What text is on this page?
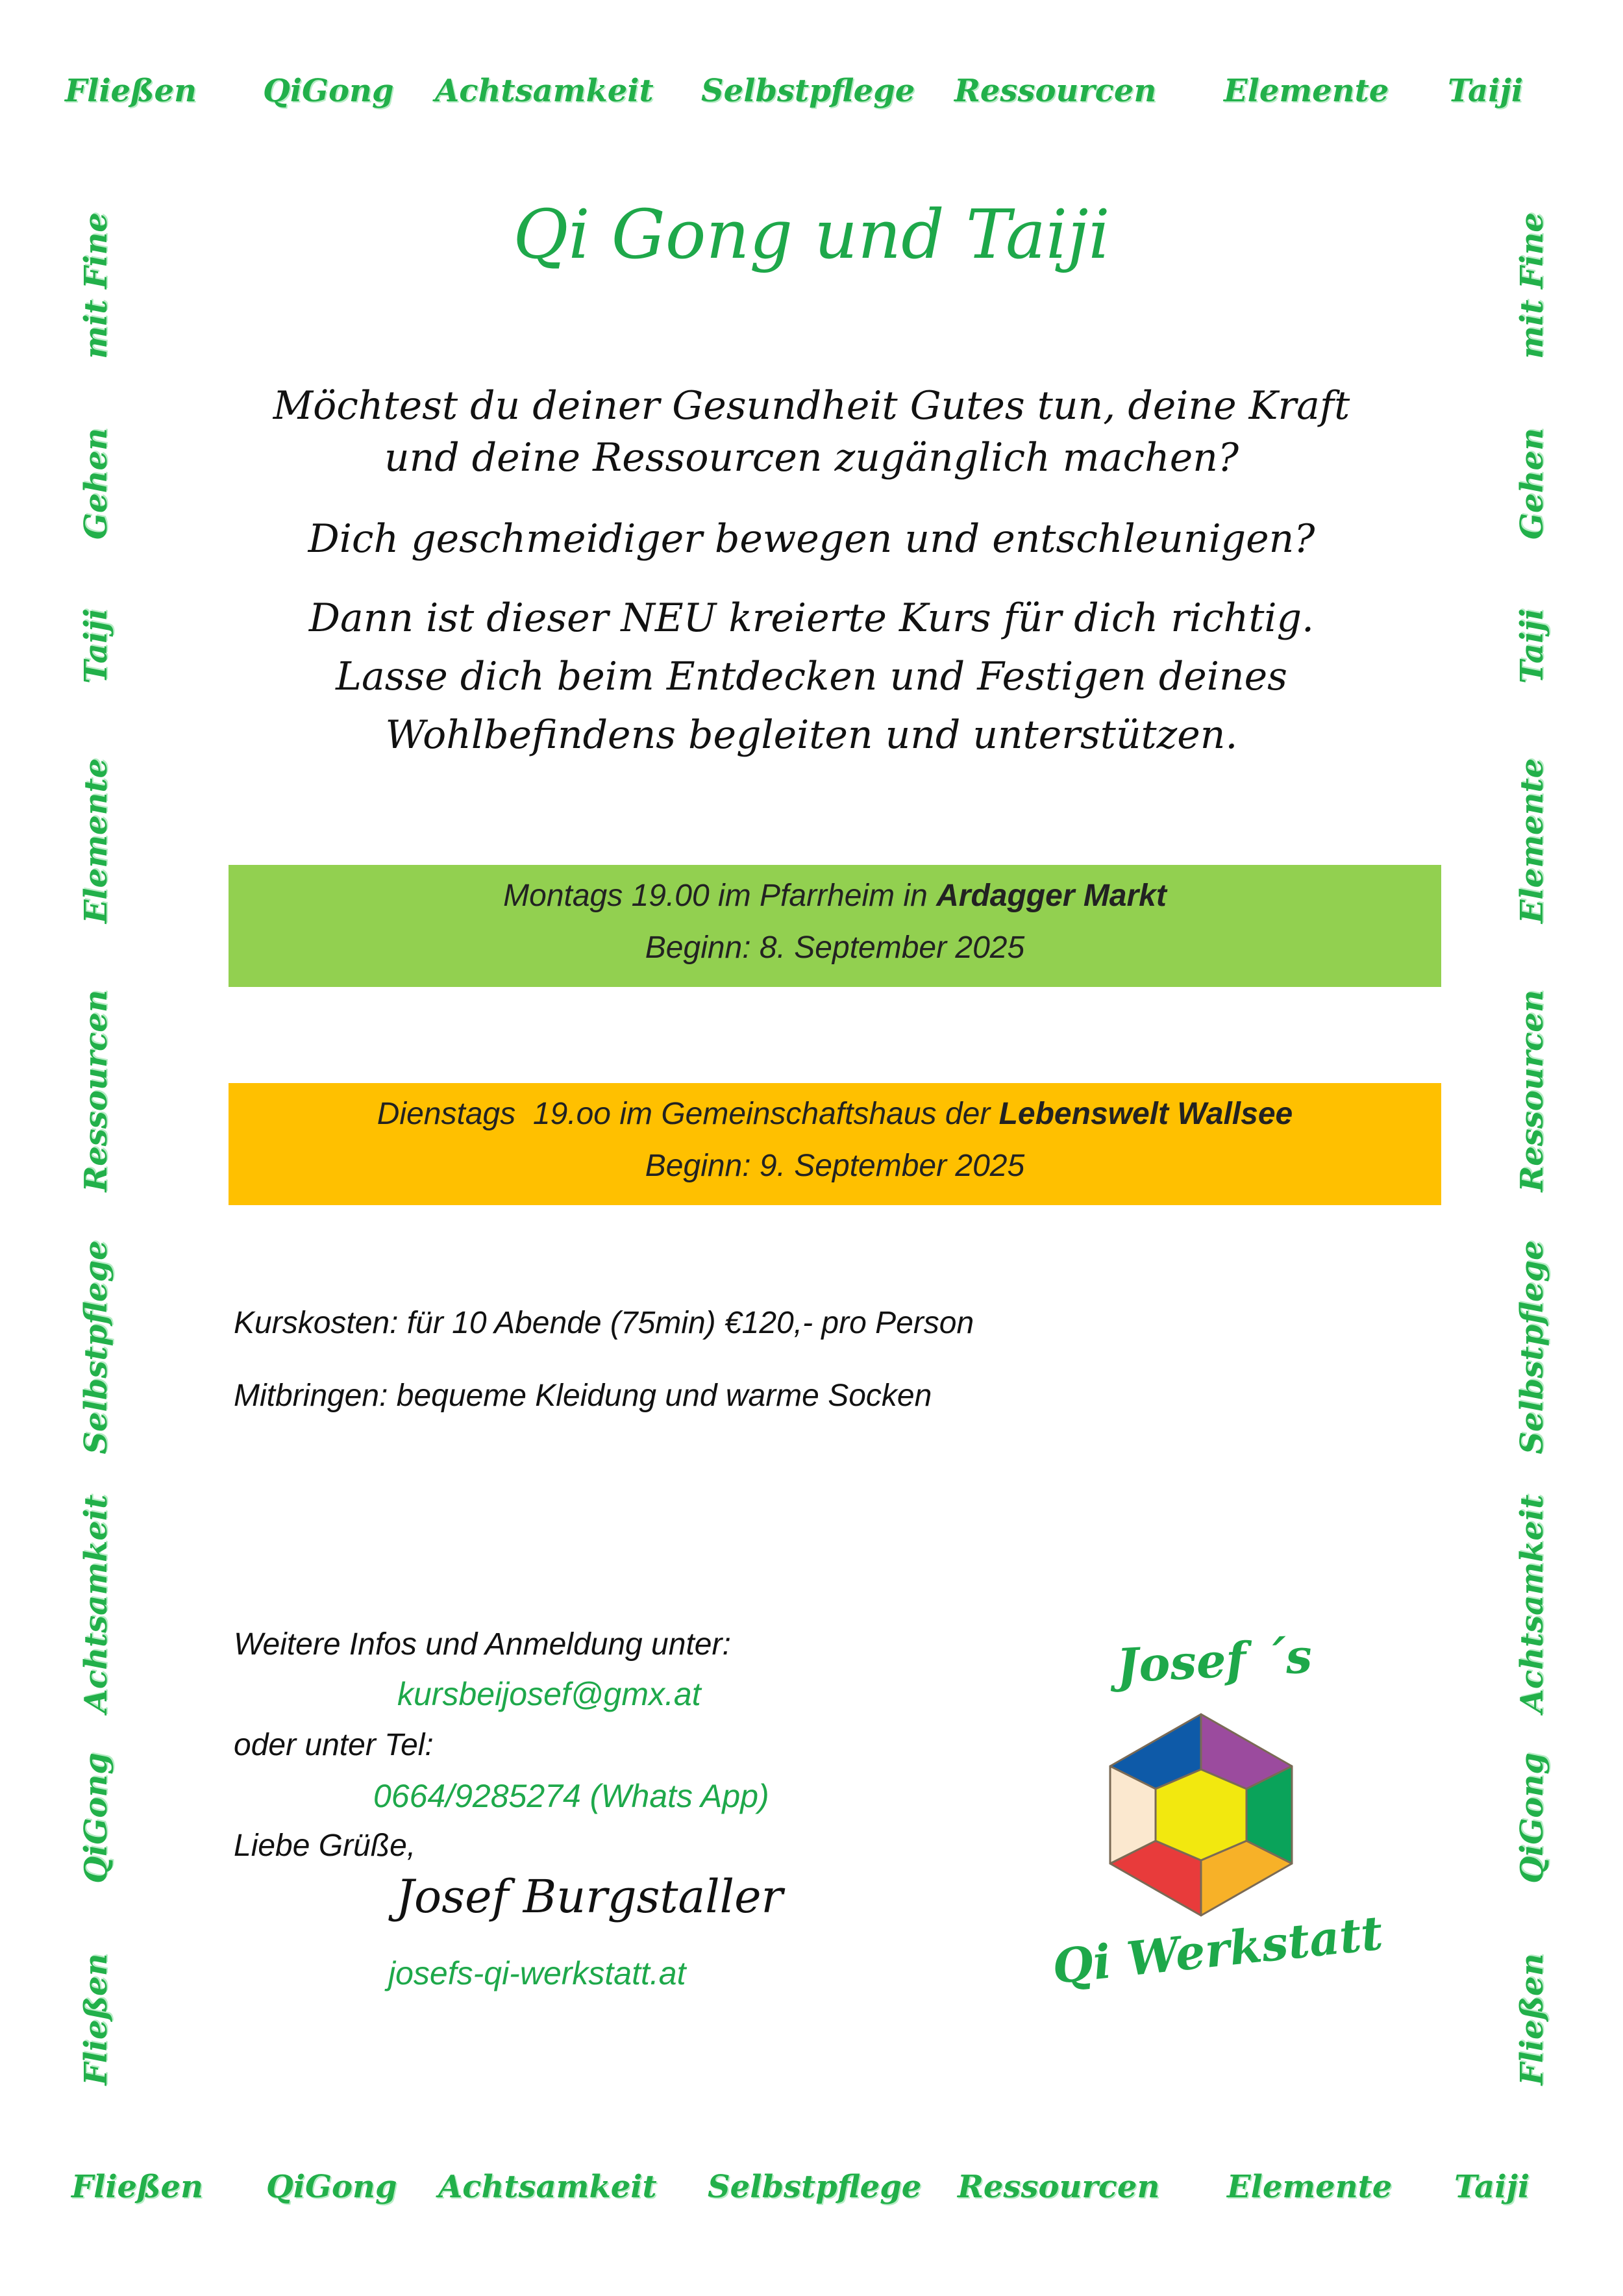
Fließen QiGong Achtsamkeit Selbstpflege Ressourcen Elemente Taiji
Fließen QiGong Achtsamkeit Selbstpflege Ressourcen Elemente Taiji
mit Fine
Gehen
Taiji
Elemente
Ressourcen
Selbstpflege
Achtsamkeit
QiGong
Fließen
mit Fine
Gehen
Taiji
Elemente
Ressourcen
Selbstpflege
Achtsamkeit
QiGong
Fließen
Qi Gong und Taiji
Möchtest du deiner Gesundheit Gutes tun, deine Kraft
und deine Ressourcen zugänglich machen?
Dich geschmeidiger bewegen und entschleunigen?
Dann ist dieser NEU kreierte Kurs für dich richtig.
Lasse dich beim Entdecken und Festigen deines
Wohlbefindens begleiten und unterstützen.
Montags 19.00 im Pfarrheim in Ardagger Markt
Beginn: 8. September 2025
Dienstags  19.oo im Gemeinschaftshaus der Lebenswelt Wallsee
Beginn: 9. September 2025
Kurskosten: für 10 Abende (75min) €120,- pro Person
Mitbringen: bequeme Kleidung und warme Socken
Weitere Infos und Anmeldung unter:
kursbeijosef@gmx.at
oder unter Tel:
0664/9285274 (Whats App)
Liebe Grüße,
Josef Burgstaller
josefs-qi-werkstatt.at
Josef ´s
Qi Werkstatt
